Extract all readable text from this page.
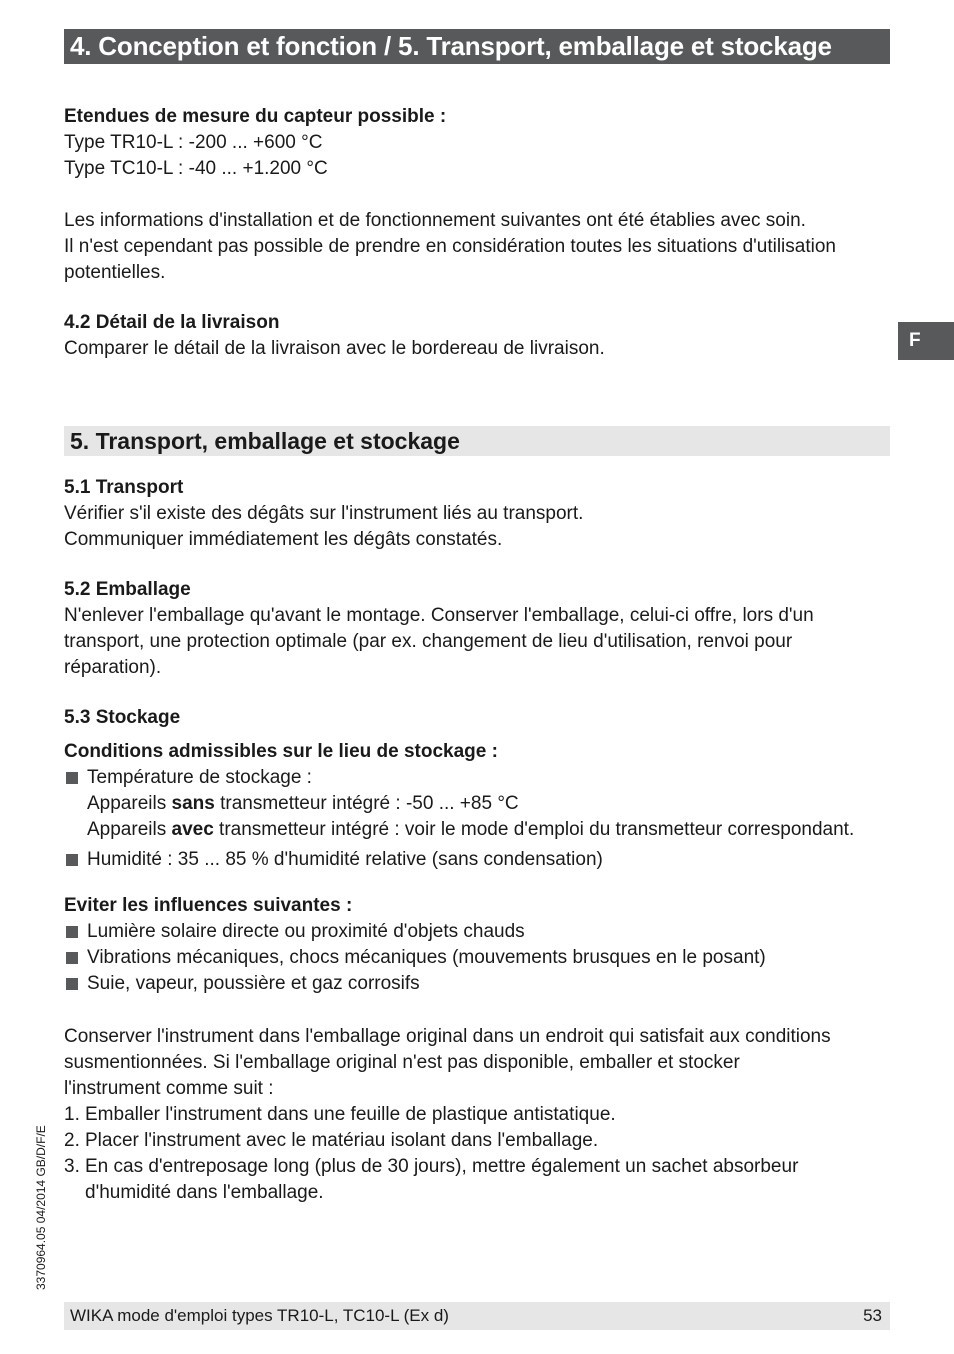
4. Conception et fonction / 5. Transport, emballage et stockage
F
Etendues de mesure du capteur possible :
Type TR10-L : -200 ... +600 °C
Type TC10-L : -40 ... +1.200 °C
Les informations d'installation et de fonctionnement suivantes ont été établies avec soin.
Il n'est cependant pas possible de prendre en considération toutes les situations d'utilisation
potentielles.
4.2 Détail de la livraison
Comparer le détail de la livraison avec le bordereau de livraison.
5. Transport, emballage et stockage
5.1 Transport
Vérifier s'il existe des dégâts sur l'instrument liés au transport.
Communiquer immédiatement les dégâts constatés.
5.2 Emballage
N'enlever l'emballage qu'avant le montage. Conserver l'emballage, celui-ci offre, lors d'un
transport, une protection optimale (par ex. changement de lieu d'utilisation, renvoi pour
réparation).
5.3 Stockage
Conditions admissibles sur le lieu de stockage :
Température de stockage :
Appareils sans transmetteur intégré : -50 ... +85 °C
Appareils avec transmetteur intégré : voir le mode d'emploi du transmetteur correspondant.
Humidité : 35 ... 85 % d'humidité relative (sans condensation)
Eviter les influences suivantes :
Lumière solaire directe ou proximité d'objets chauds
Vibrations mécaniques, chocs mécaniques (mouvements brusques en le posant)
Suie, vapeur, poussière et gaz corrosifs
Conserver l'instrument dans l'emballage original dans un endroit qui satisfait aux conditions
susmentionnées. Si l'emballage original n'est pas disponible, emballer et stocker
l'instrument comme suit :
1. Emballer l'instrument dans une feuille de plastique antistatique.
2. Placer l'instrument avec le matériau isolant dans l'emballage.
3. En cas d'entreposage long (plus de 30 jours), mettre également un sachet absorbeur
d'humidité dans l'emballage.
3370964.05 04/2014 GB/D/F/E
WIKA mode d'emploi types TR10-L, TC10-L (Ex d)	53
